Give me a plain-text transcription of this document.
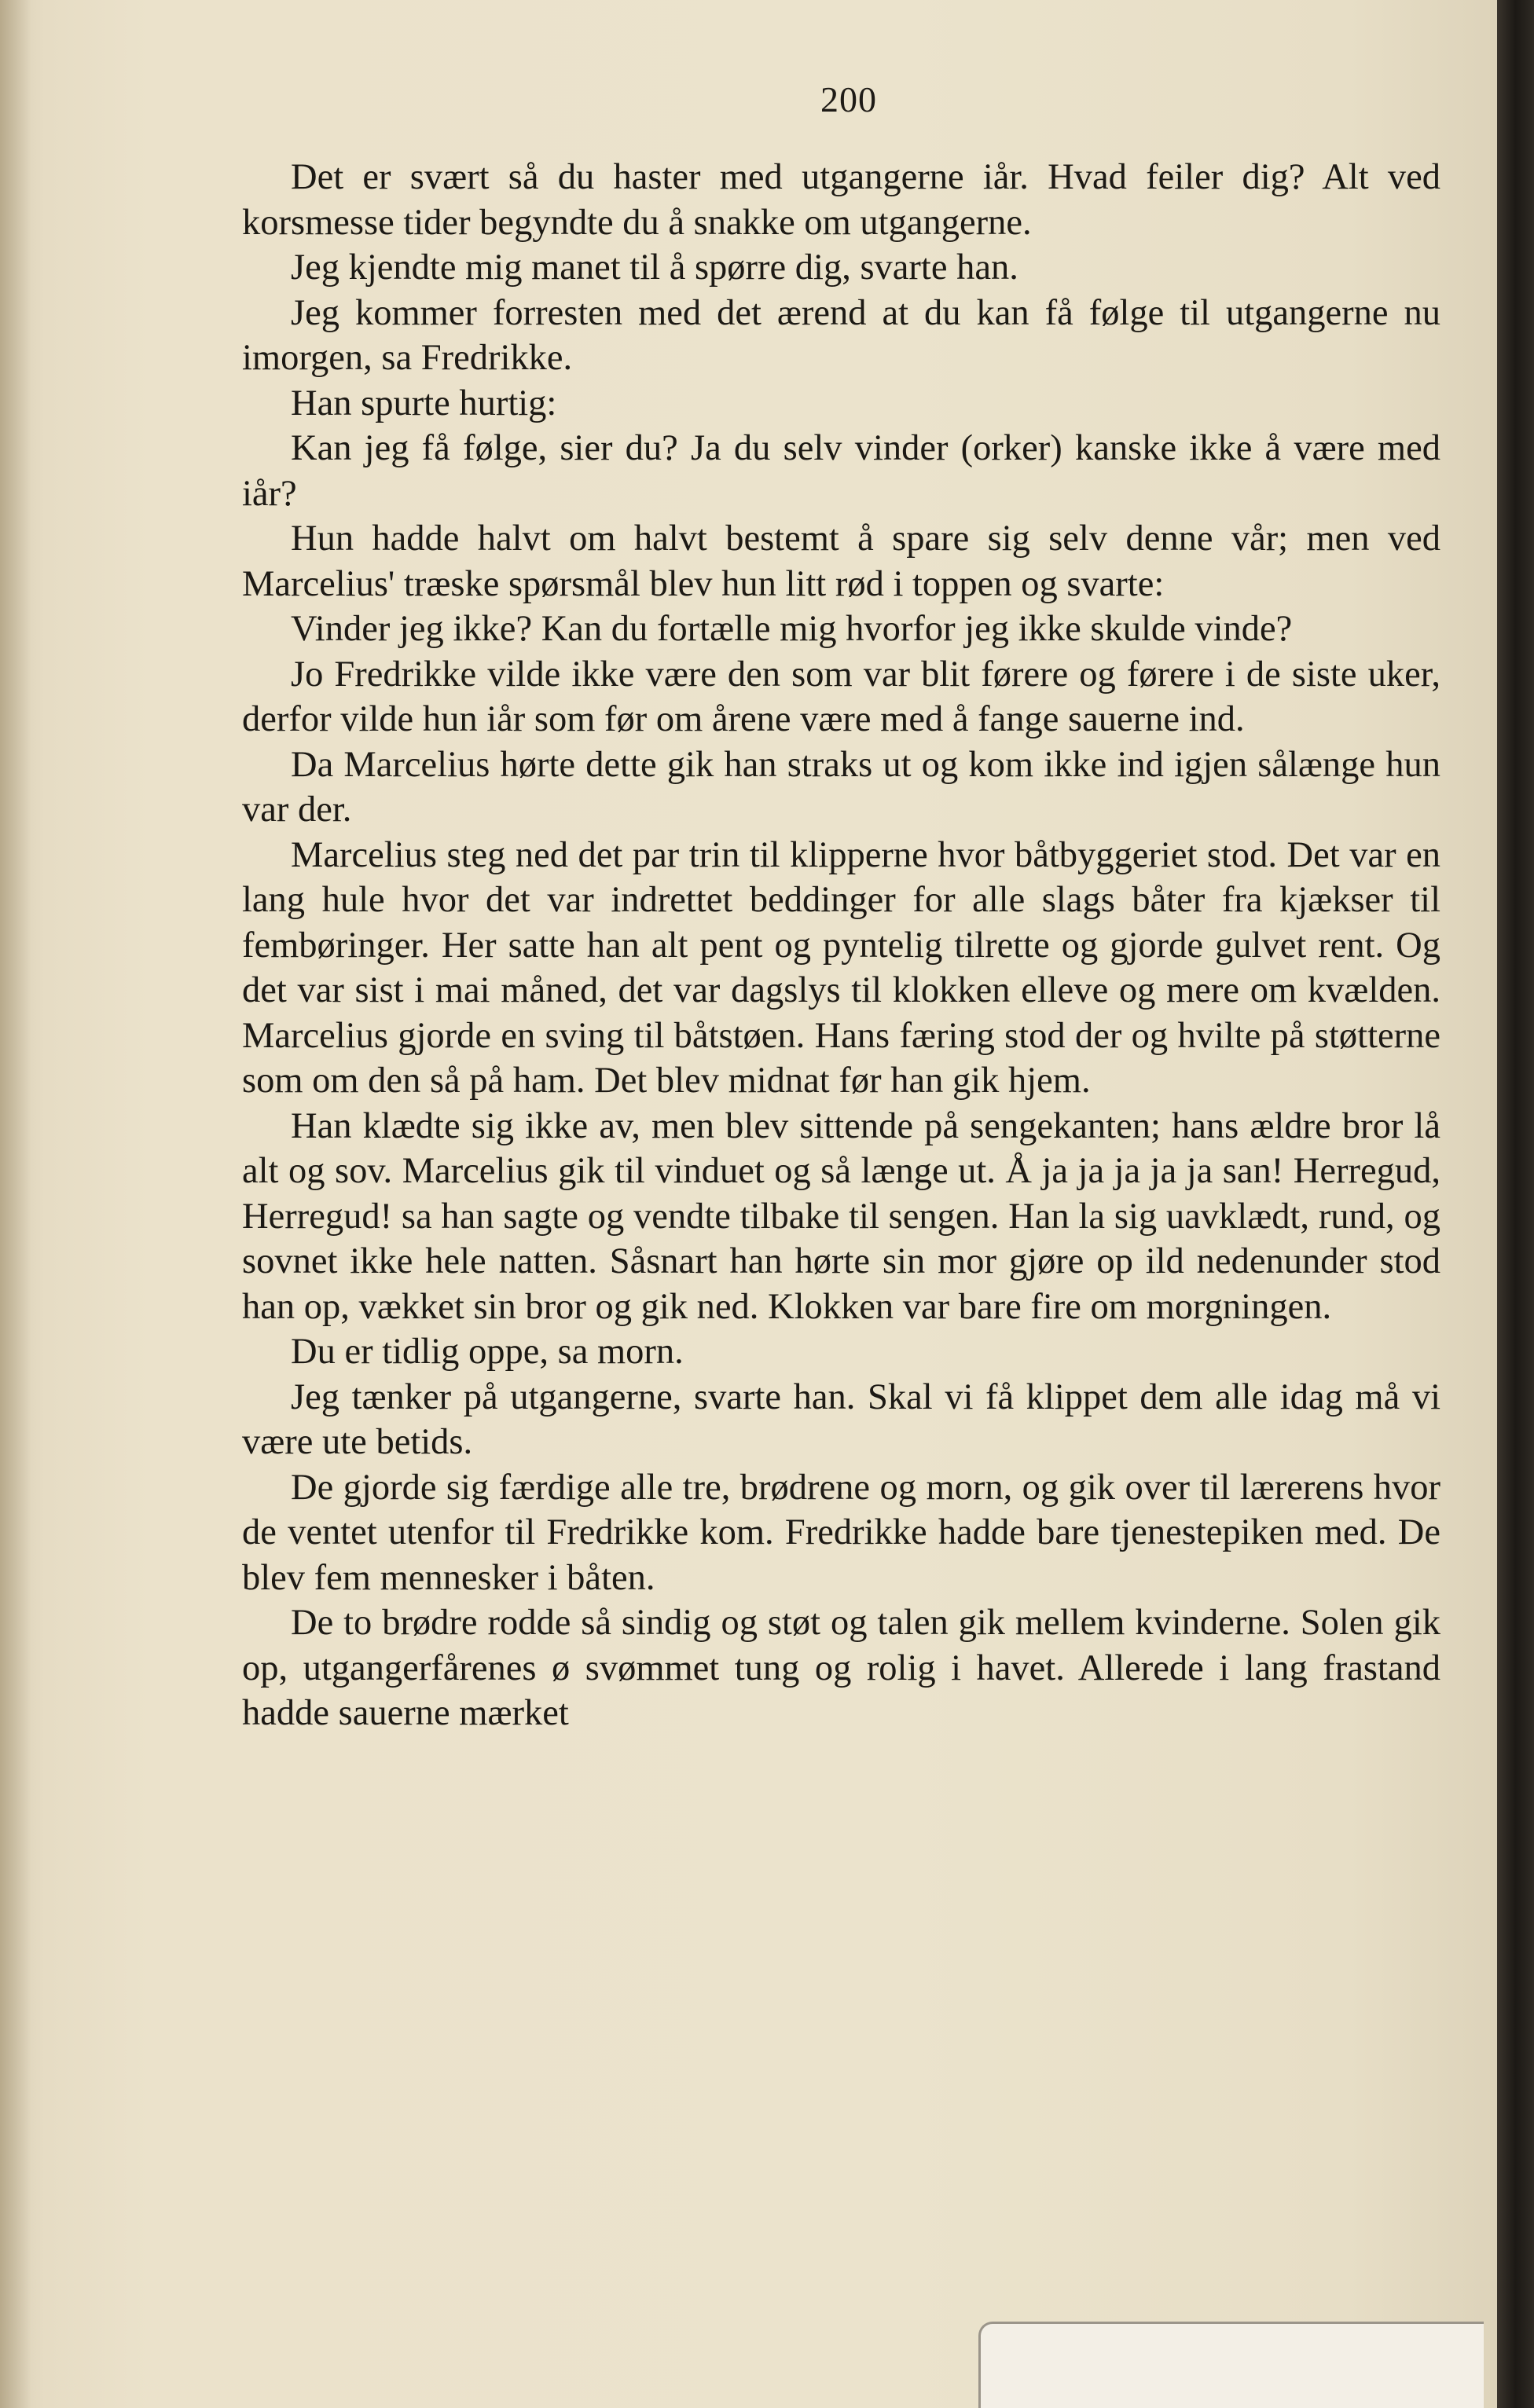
200

Det er svært så du haster med utgangerne iår. Hvad feiler dig? Alt ved korsmesse tider begyndte du å snakke om utgangerne.

Jeg kjendte mig manet til å spørre dig, svarte han.

Jeg kommer forresten med det ærend at du kan få følge til utgangerne nu imorgen, sa Fredrikke.

Han spurte hurtig:

Kan jeg få følge, sier du? Ja du selv vinder (orker) kanske ikke å være med iår?

Hun hadde halvt om halvt bestemt å spare sig selv denne vår; men ved Marcelius' træske spørsmål blev hun litt rød i toppen og svarte:

Vinder jeg ikke? Kan du fortælle mig hvorfor jeg ikke skulde vinde?

Jo Fredrikke vilde ikke være den som var blit førere og førere i de siste uker, derfor vilde hun iår som før om årene være med å fange sauerne ind.

Da Marcelius hørte dette gik han straks ut og kom ikke ind igjen sålænge hun var der.

Marcelius steg ned det par trin til klipperne hvor båtbyggeriet stod. Det var en lang hule hvor det var indrettet beddinger for alle slags båter fra kjækser til fembøringer. Her satte han alt pent og pyntelig tilrette og gjorde gulvet rent. Og det var sist i mai måned, det var dagslys til klokken elleve og mere om kvælden. Marcelius gjorde en sving til båtstøen. Hans færing stod der og hvilte på støtterne som om den så på ham. Det blev midnat før han gik hjem.

Han klædte sig ikke av, men blev sittende på sengekanten; hans ældre bror lå alt og sov. Marcelius gik til vinduet og så længe ut. Å ja ja ja ja ja san! Herregud, Herregud! sa han sagte og vendte tilbake til sengen. Han la sig uavklædt, rund, og sovnet ikke hele natten. Såsnart han hørte sin mor gjøre op ild nedenunder stod han op, vækket sin bror og gik ned. Klokken var bare fire om morgningen.

Du er tidlig oppe, sa morn.

Jeg tænker på utgangerne, svarte han. Skal vi få klippet dem alle idag må vi være ute betids.

De gjorde sig færdige alle tre, brødrene og morn, og gik over til lærerens hvor de ventet utenfor til Fredrikke kom. Fredrikke hadde bare tjenestepiken med. De blev fem mennesker i båten.

De to brødre rodde så sindig og støt og talen gik mellem kvinderne. Solen gik op, utgangerfårenes ø svømmet tung og rolig i havet. Allerede i lang frastand hadde sauerne mærket
